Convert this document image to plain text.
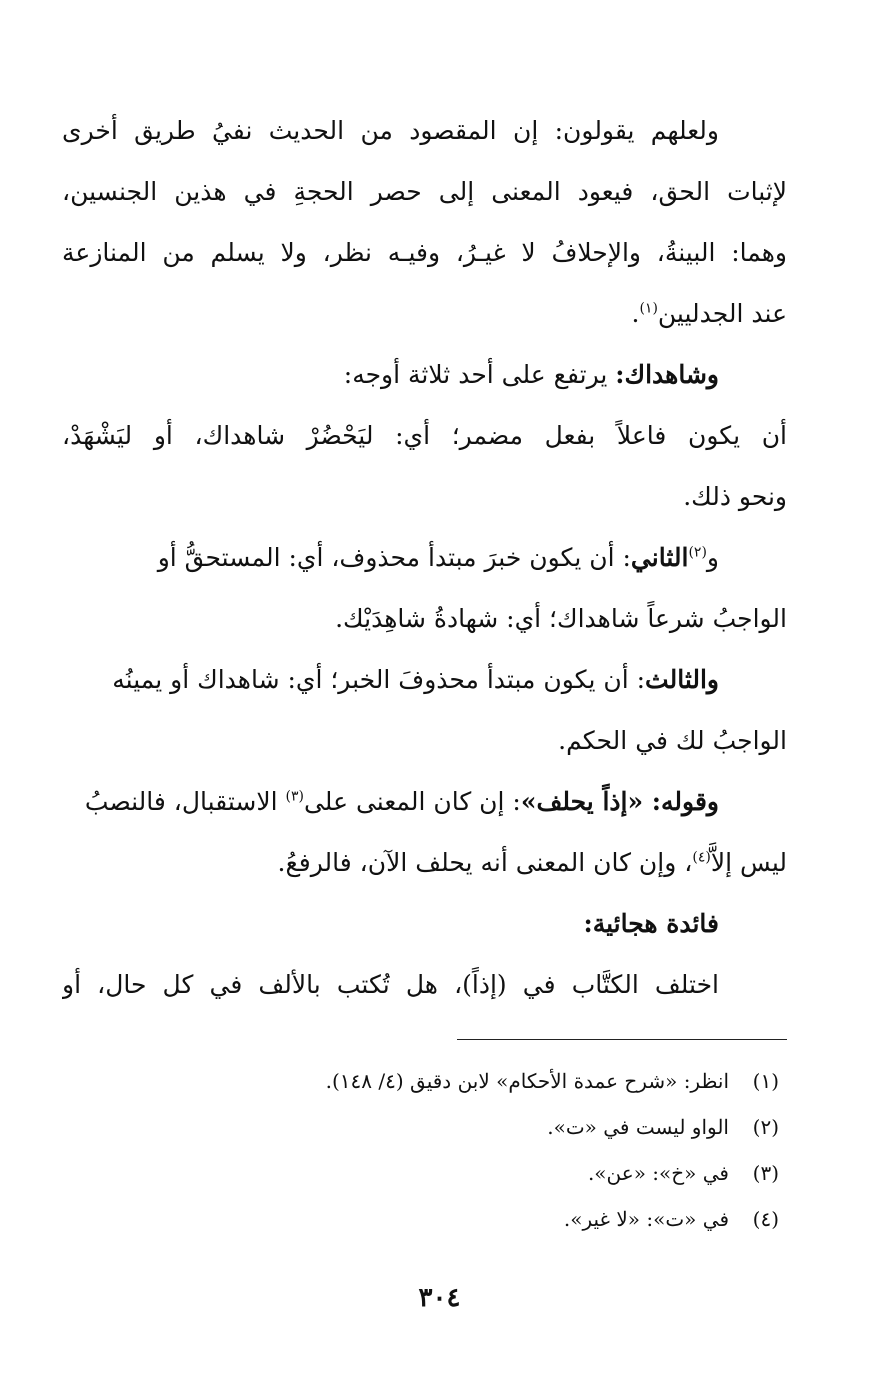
ولعلهم يقولون: إن المقصود من الحديث نفيُ طريق أخرى
لإثبات الحق، فيعود المعنى إلى حصر الحجةِ في هذين الجنسين،
وهما: البينةُ، والإحلافُ لا غيـرُ، وفيـه نظر، ولا يسلم من المنازعة
عند الجدليين$^{(١)}$.
وشاهداك: يرتفع على أحد ثلاثة أوجه:
أن يكون فاعلاً بفعل مضمر؛ أي: ليَحْضُرْ شاهداك، أو ليَشْهَدْ،
ونحو ذلك.
و$^{(٢)}$الثاني: أن يكون خبرَ مبتدأ محذوف، أي: المستحقُّ أو
الواجبُ شرعاً شاهداك؛ أي: شهادةُ شاهِدَيْك.
والثالث: أن يكون مبتدأ محذوفَ الخبر؛ أي: شاهداك أو يمينُه
الواجبُ لك في الحكم.
وقوله: «إذاً يحلف»: إن كان المعنى على$^{(٣)}$ الاستقبال، فالنصبُ
ليس إلاَّ$^{(٤)}$، وإن كان المعنى أنه يحلف الآن، فالرفعُ.
فائدة هجائية:
اختلف الكتَّاب في (إذاً)، هل تُكتب بالألف في كل حال، أو
(١)انظر: «شرح عمدة الأحكام» لابن دقيق (٤/ ١٤٨).
(٢)الواو ليست في «ت».
(٣)في «خ»: «عن».
(٤)في «ت»: «لا غير».
٣٠٤
